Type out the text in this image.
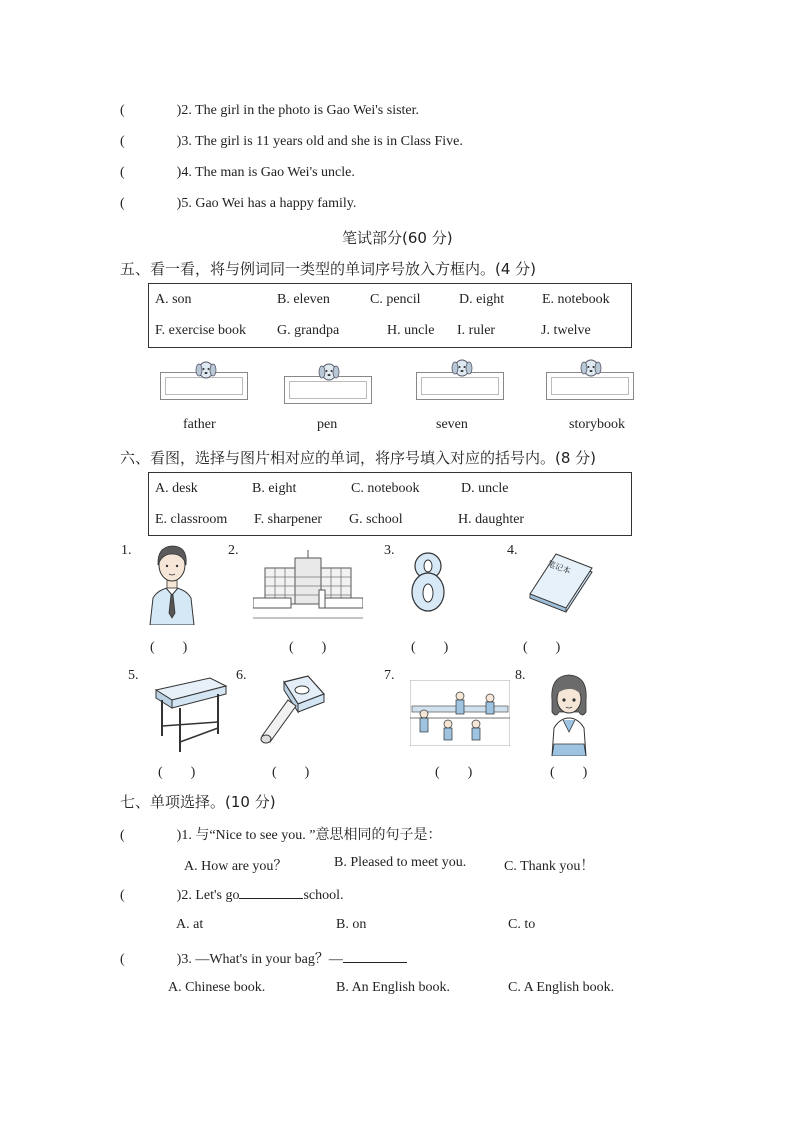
(	)2. The girl in the photo is Gao Wei's sister.
(	)3. The girl is 11 years old and she is in Class Five.
(	)4. The man is Gao Wei's uncle.
(	)5. Gao Wei has a happy family.
笔试部分(60 分)
五、看一看，将与例词同一类型的单词序号放入方框内。(4 分)
A. son	B. eleven	C. pencil	D. eight	E. notebook
F. exercise book G. grandpa	H. uncle I. ruler	J. twelve
father	pen	seven	storybook
六、看图，选择与图片相对应的单词，将序号填入对应的括号内。(8 分)
A. desk	B. eight	C. notebook	D. uncle
E. classroom F. sharpener G. school	H. daughter
1.	2.	3.	4.
5.	6.	7.	8.
笔记本
(　　)	(　　)	(　　)	(　　)
(　　)	(　　)	(　　)	(　　)
七、单项选择。(10 分)
(	)1. 与“Nice to see you. ”意思相同的句子是：
A. How are you？	B. Pleased to meet you.	C. Thank you！
(	)2. Let's go	school.
A. at	B. on	C. to
(	)3. —What's in your bag？—
A. Chinese book.	B. An English book.	C. A English book.
